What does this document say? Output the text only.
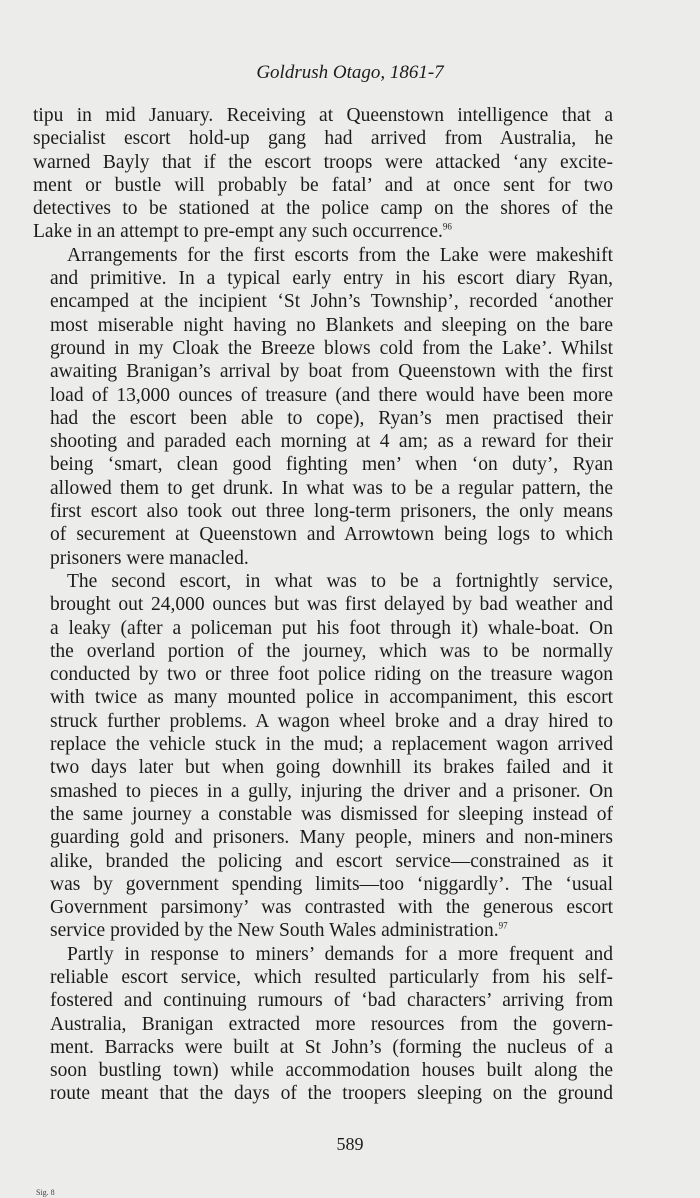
Goldrush Otago, 1861-7
tipu in mid January. Receiving at Queenstown intelligence that a
specialist escort hold-up gang had arrived from Australia, he
warned Bayly that if the escort troops were attacked ‘any excite-
ment or bustle will probably be fatal’ and at once sent for two
detectives to be stationed at the police camp on the shores of the
Lake in an attempt to pre-empt any such occurrence.$^{96}$
Arrangements for the first escorts from the Lake were makeshift
and primitive. In a typical early entry in his escort diary Ryan,
encamped at the incipient ‘St John’s Township’, recorded ‘another
most miserable night having no Blankets and sleeping on the bare
ground in my Cloak the Breeze blows cold from the Lake’. Whilst
awaiting Branigan’s arrival by boat from Queenstown with the first
load of 13,000 ounces of treasure (and there would have been more
had the escort been able to cope), Ryan’s men practised their
shooting and paraded each morning at 4 am; as a reward for their
being ‘smart, clean good fighting men’ when ‘on duty’, Ryan
allowed them to get drunk. In what was to be a regular pattern, the
first escort also took out three long-term prisoners, the only means
of securement at Queenstown and Arrowtown being logs to which
prisoners were manacled.
The second escort, in what was to be a fortnightly service,
brought out 24,000 ounces but was first delayed by bad weather and
a leaky (after a policeman put his foot through it) whale-boat. On
the overland portion of the journey, which was to be normally
conducted by two or three foot police riding on the treasure wagon
with twice as many mounted police in accompaniment, this escort
struck further problems. A wagon wheel broke and a dray hired to
replace the vehicle stuck in the mud; a replacement wagon arrived
two days later but when going downhill its brakes failed and it
smashed to pieces in a gully, injuring the driver and a prisoner. On
the same journey a constable was dismissed for sleeping instead of
guarding gold and prisoners. Many people, miners and non-miners
alike, branded the policing and escort service—constrained as it
was by government spending limits—too ‘niggardly’. The ‘usual
Government parsimony’ was contrasted with the generous escort
service provided by the New South Wales administration.$^{97}$
Partly in response to miners’ demands for a more frequent and
reliable escort service, which resulted particularly from his self-
fostered and continuing rumours of ‘bad characters’ arriving from
Australia, Branigan extracted more resources from the govern-
ment. Barracks were built at St John’s (forming the nucleus of a
soon bustling town) while accommodation houses built along the
route meant that the days of the troopers sleeping on the ground
589
Sig. 8
